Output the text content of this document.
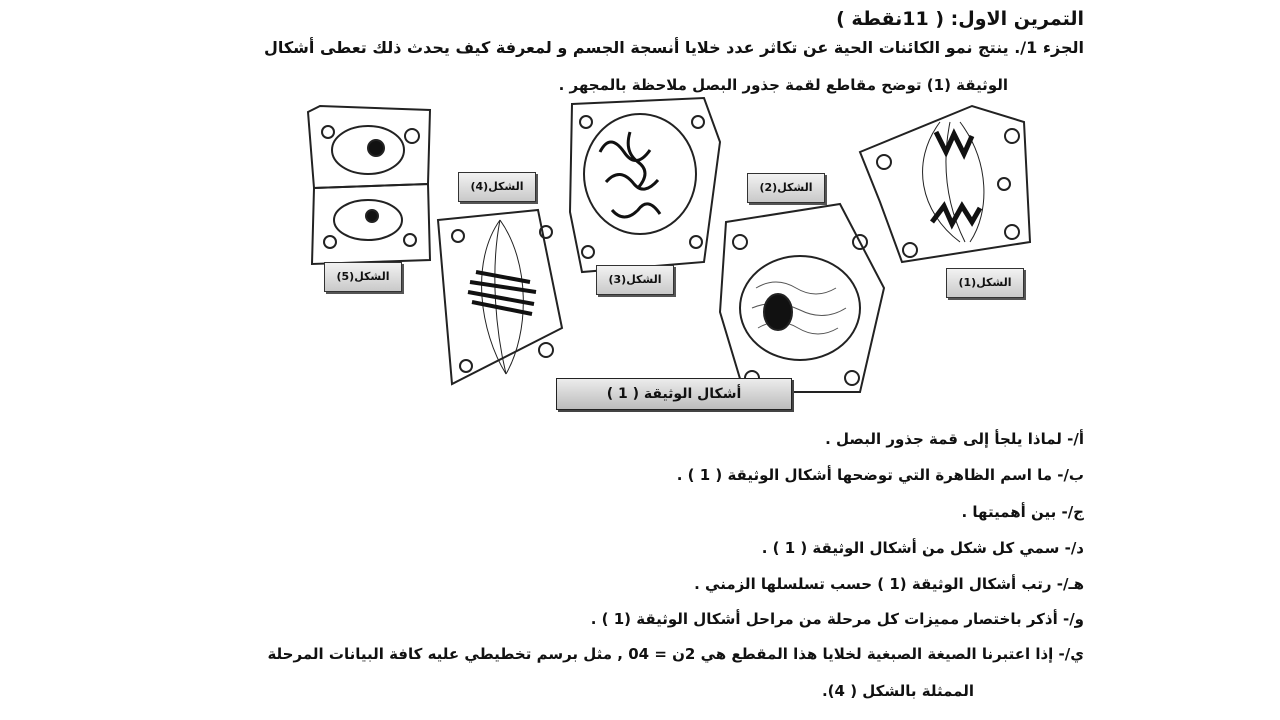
التمرين الاول: ( 11نقطة )
الجزء 1/. ينتج نمو الكائنات الحية عن تكاثر عدد خلايا أنسجة الجسم و لمعرفة كيف يحدث ذلك تعطى أشكال
الوثيقة (1) توضح مقاطع لقمة جذور البصل ملاحظة بالمجهر .
الشكل(5)
الشكل(4)
الشكل(3)
الشكل(2)
الشكل(1)
أشكال الوثيقة ( 1 )
أ/- لماذا يلجأ إلى قمة جذور البصل .
ب/- ما اسم الظاهرة التي توضحها أشكال الوثيقة ( 1 ) .
ج/- بين أهميتها .
د/- سمي كل شكل من أشكال الوثيقة ( 1 ) .
هـ/- رتب أشكال الوثيقة (1 ) حسب تسلسلها الزمني .
و/- أذكر باختصار مميزات كل مرحلة من مراحل أشكال الوثيقة (1 ) .
ي/- إذا اعتبرنا الصيغة الصبغية لخلايا هذا المقطع هي 2ن = 04 , مثل برسم تخطيطي عليه كافة البيانات المرحلة
الممثلة بالشكل ( 4).
